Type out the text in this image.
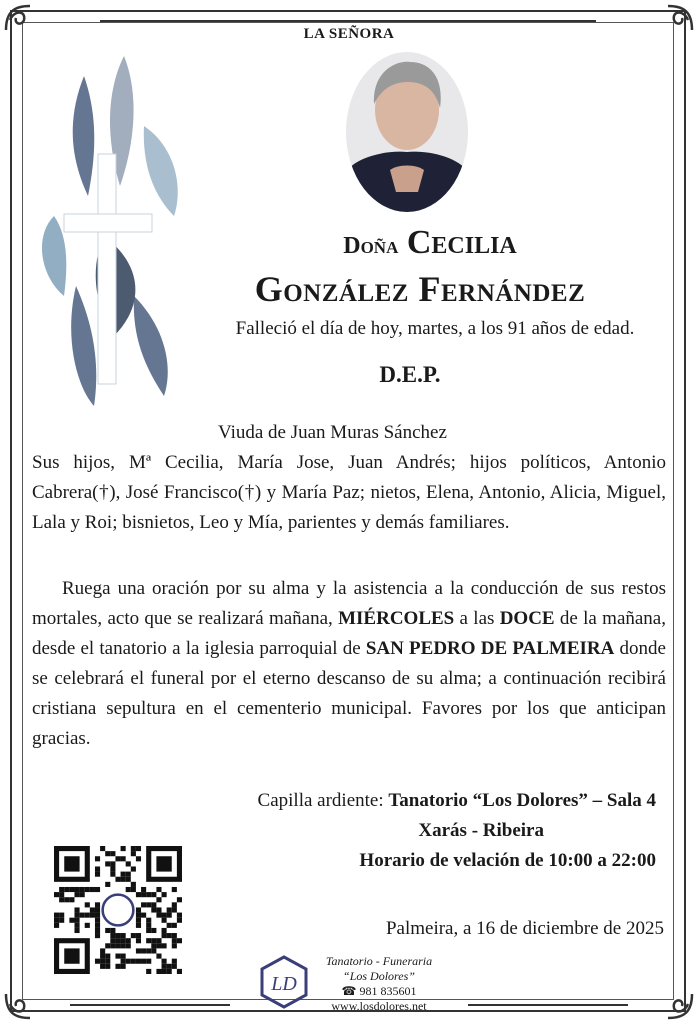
LA SEÑORA
Doña Cecilia
González Fernández
Falleció el día de hoy, martes, a los 91 años de edad.
D.E.P.
Viuda de Juan Muras Sánchez
Sus hijos, Mª Cecilia, María Jose, Juan Andrés; hijos políticos, Antonio Cabrera(†), José Francisco(†) y María Paz; nietos, Elena, Antonio, Alicia, Miguel, Lala y Roi; bisnietos, Leo y Mía, parientes y demás familiares.
Ruega una oración por su alma y la asistencia a la conducción de sus restos mortales, acto que se realizará mañana, MIÉRCOLES a las DOCE de la mañana, desde el tanatorio a la iglesia parroquial de SAN PEDRO DE PALMEIRA donde se celebrará el funeral por el eterno descanso de su alma; a continuación recibirá cristiana sepultura en el cementerio municipal. Favores por los que anticipan gracias.
Capilla ardiente: Tanatorio “Los Dolores” – Sala 4
Xarás - Ribeira
Horario de velación de 10:00 a 22:00
Palmeira, a 16 de diciembre de 2025
LD
Tanatorio - Funeraria
“Los Dolores”
☎ 981 835601
www.losdolores.net
